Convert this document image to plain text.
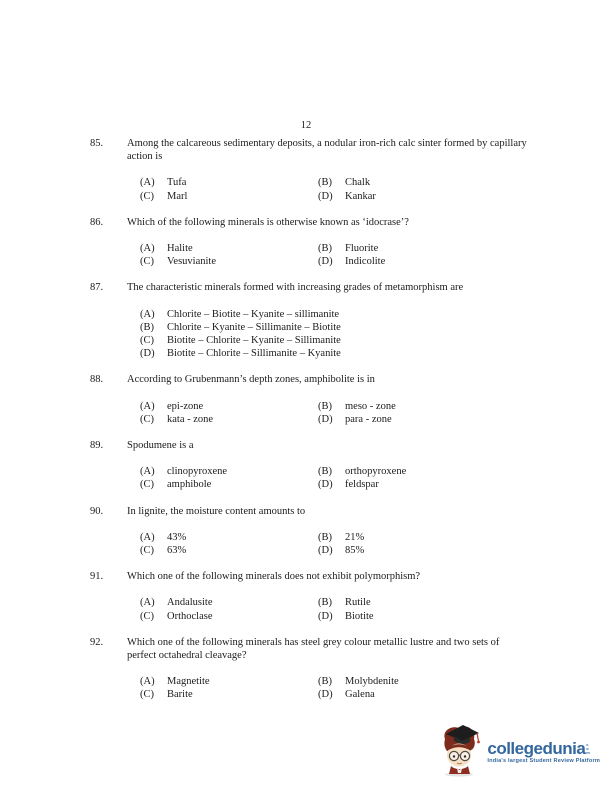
12
85.	Among the calcareous sedimentary deposits, a nodular iron-rich calc sinter formed by capillary action is

(A)	Tufa	(B)	Chalk
(C)	Marl	(D)	Kankar
86.	Which of the following minerals is otherwise known as ‘idocrase’?

(A)	Halite	(B)	Fluorite
(C)	Vesuvianite	(D)	Indicolite
87.	The characteristic minerals formed with increasing grades of metamorphism are

(A)	Chlorite – Biotite – Kyanite – sillimanite
(B)	Chlorite – Kyanite – Sillimanite – Biotite
(C)	Biotite – Chlorite – Kyanite – Sillimanite
(D)	Biotite – Chlorite – Sillimanite – Kyanite
88.	According to Grubenmann’s depth zones, amphibolite is in

(A)	epi-zone	(B)	meso - zone
(C)	kata - zone	(D)	para - zone
89.	Spodumene is a

(A)	clinopyroxene	(B)	orthopyroxene
(C)	amphibole	(D)	feldspar
90.	In lignite, the moisture content amounts to

(A)	43%	(B)	21%
(C)	63%	(D)	85%
91.	Which one of the following minerals does not exhibit polymorphism?

(A)	Andalusite	(B)	Rutile
(C)	Orthoclase	(D)	Biotite
92.	Which one of the following minerals has steel grey colour metallic lustre and two sets of perfect octahedral cleavage?

(A)	Magnetite	(B)	Molybdenite
(C)	Barite	(D)	Galena
collegedunia com
India's largest Student Review Platform
